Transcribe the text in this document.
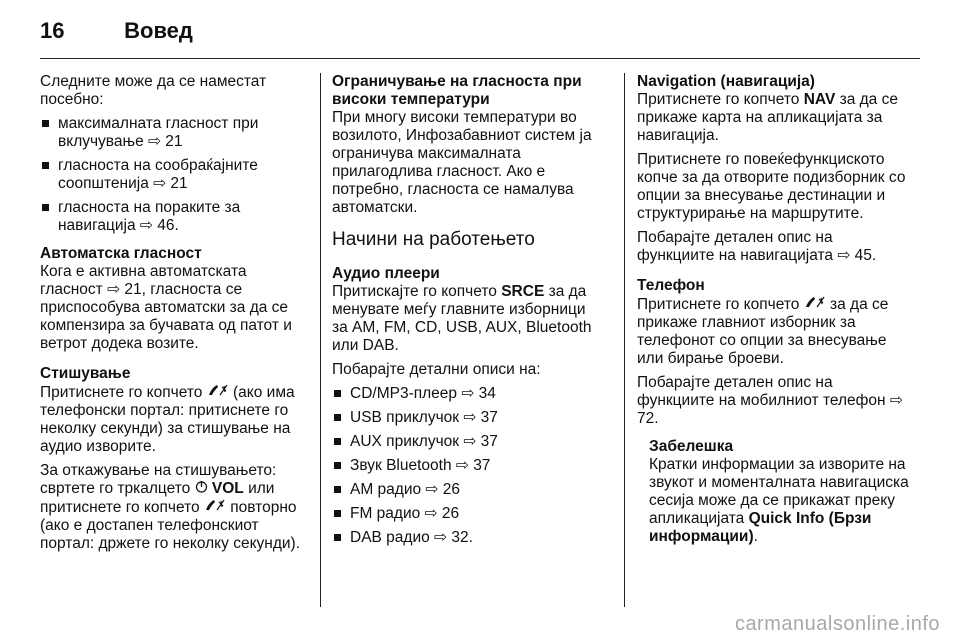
16	Вовед

Следните може да се наместат посебно:

максималната гласност при вклучување ⇨ 21
гласноста на сообраќајните соопштенија ⇨ 21
гласноста на пораките за навигација ⇨ 46.

Автоматска гласност

Кога е активна автоматската гласност ⇨ 21, гласноста се приспособува автоматски за да се компензира за бучавата од патот и ветрот додека возите.

Стишување

Притиснете го копчето (ако има телефонски портал: притиснете го неколку секунди) за стишување на аудио изворите.

За откажување на стишувањето: свртете го тркалцето VOL или притиснете го копчето повторно (ако е достапен телефонскиот портал: држете го неколку секунди).

Ограничување на гласноста при високи температури

При многу високи температури во возилото, Инфозабавниот систем ја ограничува максималната прилагодлива гласност. Ако е потребно, гласноста се намалува автоматски.

Начини на работењето

Аудио плеери

Притискајте го копчето SRCE за да менувате меѓу главните изборници за AM, FM, CD, USB, AUX, Bluetooth или DAB.

Побарајте детални описи на:

CD/MP3-плеер ⇨ 34
USB приклучок ⇨ 37
AUX приклучок ⇨ 37
Звук Bluetooth ⇨ 37
AM радио ⇨ 26
FM радио ⇨ 26
DAB радио ⇨ 32.

Navigation (навигација)

Притиснете го копчето NAV за да се прикаже карта на апликацијата за навигација.

Притиснете го повеќефункциското копче за да отворите подизборник со опции за внесување дестинации и структурирање на маршрутите.

Побарајте детален опис на функциите на навигацијата ⇨ 45.

Телефон

Притиснете го копчето за да се прикаже главниот изборник за телефонот со опции за внесување или бирање броеви.

Побарајте детален опис на функциите на мобилниот телефон ⇨ 72.

Забелешка

Кратки информации за изворите на звукот и моменталната навигациска сесија може да се прикажат преку апликацијата Quick Info (Брзи информации).

carmanualsonline.info
